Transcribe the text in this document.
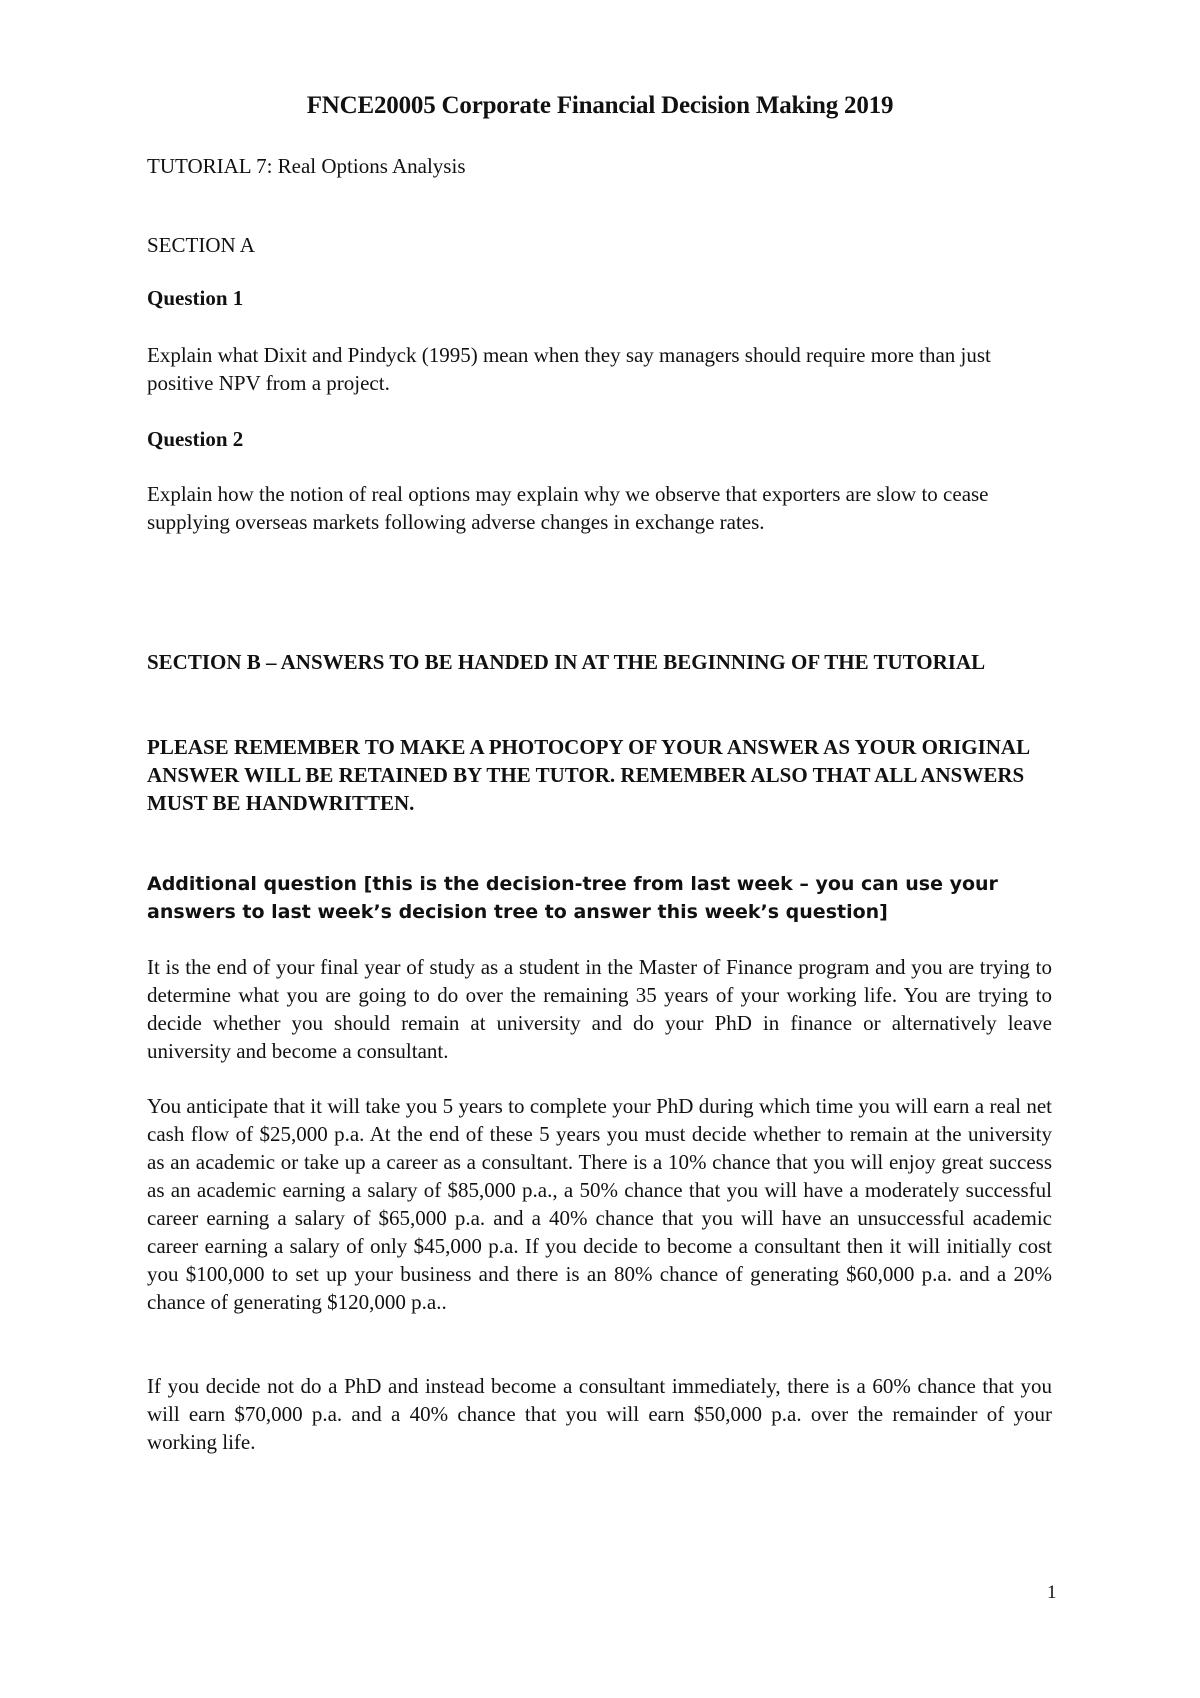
FNCE20005 Corporate Financial Decision Making 2019

TUTORIAL 7: Real Options Analysis

SECTION A

Question 1

Explain what Dixit and Pindyck (1995) mean when they say managers should require more than just positive NPV from a project.

Question 2

Explain how the notion of real options may explain why we observe that exporters are slow to cease supplying overseas markets following adverse changes in exchange rates.

SECTION B – ANSWERS TO BE HANDED IN AT THE BEGINNING OF THE TUTORIAL

PLEASE REMEMBER TO MAKE A PHOTOCOPY OF YOUR ANSWER AS YOUR ORIGINAL ANSWER WILL BE RETAINED BY THE TUTOR. REMEMBER ALSO THAT ALL ANSWERS MUST BE HANDWRITTEN.

Additional question [this is the decision-tree from last week – you can use your answers to last week’s decision tree to answer this week’s question]

It is the end of your final year of study as a student in the Master of Finance program and you are trying to determine what you are going to do over the remaining 35 years of your working life. You are trying to decide whether you should remain at university and do your PhD in finance or alternatively leave university and become a consultant.

You anticipate that it will take you 5 years to complete your PhD during which time you will earn a real net cash flow of $25,000 p.a. At the end of these 5 years you must decide whether to remain at the university as an academic or take up a career as a consultant. There is a 10% chance that you will enjoy great success as an academic earning a salary of $85,000 p.a., a 50% chance that you will have a moderately successful career earning a salary of $65,000 p.a. and a 40% chance that you will have an unsuccessful academic career earning a salary of only $45,000 p.a. If you decide to become a consultant then it will initially cost you $100,000 to set up your business and there is an 80% chance of generating $60,000 p.a. and a 20% chance of generating $120,000 p.a..

If you decide not do a PhD and instead become a consultant immediately, there is a 60% chance that you will earn $70,000 p.a. and a 40% chance that you will earn $50,000 p.a. over the remainder of your working life.

1
